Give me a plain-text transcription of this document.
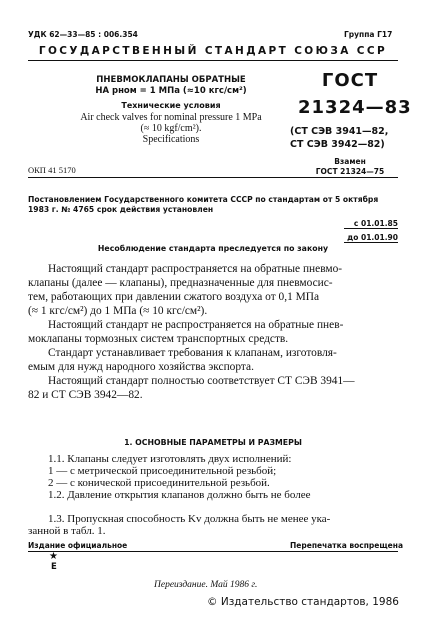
УДК 62—33—85 : 006.354	Группа Г17
ГОСУДАРСТВЕННЫЙ СТАНДАРТ СОЮЗА ССР
ПНЕВМОКЛАПАНЫ ОБРАТНЫЕ
НА pном = 1 МПа (≈10 кгс/см²)
Технические условия
Air check valves for nominal pressure 1 MPa
(≈ 10 kgf/cm²).
Specifications
ГОСТ
21324—83
(СТ СЭВ 3941—82,
СТ СЭВ 3942—82)
Взамен
ГОСТ 21324—75
ОКП 41 5170
Постановлением Государственного комитета СССР по стандартам от 5 октября
1983 г. № 4765 срок действия установлен
с 01.01.85
до 01.01.90
Несоблюдение стандарта преследуется по закону
Настоящий стандарт распространяется на обратные пневмо-
клапаны (далее — клапаны), предназначенные для пневмосис-
тем, работающих при давлении сжатого воздуха от 0,1 МПа
(≈ 1 кгс/см²) до 1 МПа (≈ 10 кгс/см²).
Настоящий стандарт не распространяется на обратные пнев-
моклапаны тормозных систем транспортных средств.
Стандарт устанавливает требования к клапанам, изготовля-
емым для нужд народного хозяйства экспорта.
Настоящий стандарт полностью соответствует СТ СЭВ 3941—
82 и СТ СЭВ 3942—82.
1. ОСНОВНЫЕ ПАРАМЕТРЫ И РАЗМЕРЫ
1.1. Клапаны следует изготовлять двух исполнений:
1 — с метрической присоединительной резьбой;
2 — с конической присоединительной резьбой.
1.2. Давление открытия клапанов должно быть не более
Издание официальное	Перепечатка воспрещена
★
Е
Переиздание. Май 1986 г.
© Издательство стандартов, 1986
1.3. Пропускная способность Kv должна быть не менее ука-
занной в табл. 1.
